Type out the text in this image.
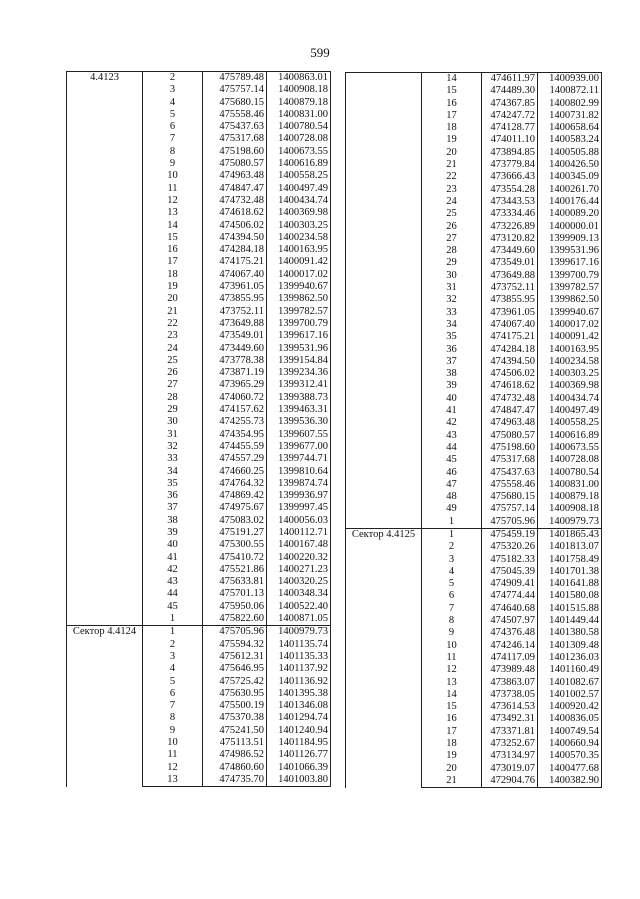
599
4.4123	2	475789.48	1400863.01
	3	475757.14	1400908.18
	4	475680.15	1400879.18
	5	475558.46	1400831.00
	6	475437.63	1400780.54
	7	475317.68	1400728.08
	8	475198.60	1400673.55
	9	475080.57	1400616.89
	10	474963.48	1400558.25
	11	474847.47	1400497.49
	12	474732.48	1400434.74
	13	474618.62	1400369.98
	14	474506.02	1400303.25
	15	474394.50	1400234.58
	16	474284.18	1400163.95
	17	474175.21	1400091.42
	18	474067.40	1400017.02
	19	473961.05	1399940.67
	20	473855.95	1399862.50
	21	473752.11	1399782.57
	22	473649.88	1399700.79
	23	473549.01	1399617.16
	24	473449.60	1399531.96
	25	473778.38	1399154.84
	26	473871.19	1399234.36
	27	473965.29	1399312.41
	28	474060.72	1399388.73
	29	474157.62	1399463.31
	30	474255.73	1399536.30
	31	474354.95	1399607.55
	32	474455.59	1399677.00
	33	474557.29	1399744.71
	34	474660.25	1399810.64
	35	474764.32	1399874.74
	36	474869.42	1399936.97
	37	474975.67	1399997.45
	38	475083.02	1400056.03
	39	475191.27	1400112.71
	40	475300.55	1400167.48
	41	475410.72	1400220.32
	42	475521.86	1400271.23
	43	475633.81	1400320.25
	44	475701.13	1400348.34
	45	475950.06	1400522.40
	1	475822.60	1400871.05
Сектор 4.4124	1	475705.96	1400979.73
	2	475594.32	1401135.74
	3	475612.31	1401135.33
	4	475646.95	1401137.92
	5	475725.42	1401136.92
	6	475630.95	1401395.38
	7	475500.19	1401346.08
	8	475370.38	1401294.74
	9	475241.50	1401240.94
	10	475113.51	1401184.95
	11	474986.52	1401126.77
	12	474860.60	1401066.39
	13	474735.70	1401003.80
	14	474611.97	1400939.00
	15	474489.30	1400872.11
	16	474367.85	1400802.99
	17	474247.72	1400731.82
	18	474128.77	1400658.64
	19	474011.10	1400583.24
	20	473894.85	1400505.88
	21	473779.84	1400426.50
	22	473666.43	1400345.09
	23	473554.28	1400261.70
	24	473443.53	1400176.44
	25	473334.46	1400089.20
	26	473226.89	1400000.01
	27	473120.82	1399909.13
	28	473449.60	1399531.96
	29	473549.01	1399617.16
	30	473649.88	1399700.79
	31	473752.11	1399782.57
	32	473855.95	1399862.50
	33	473961.05	1399940.67
	34	474067.40	1400017.02
	35	474175.21	1400091.42
	36	474284.18	1400163.95
	37	474394.50	1400234.58
	38	474506.02	1400303.25
	39	474618.62	1400369.98
	40	474732.48	1400434.74
	41	474847.47	1400497.49
	42	474963.48	1400558.25
	43	475080.57	1400616.89
	44	475198.60	1400673.55
	45	475317.68	1400728.08
	46	475437.63	1400780.54
	47	475558.46	1400831.00
	48	475680.15	1400879.18
	49	475757.14	1400908.18
	1	475705.96	1400979.73
Сектор 4.4125	1	475459.19	1401865.43
	2	475320.26	1401813.07
	3	475182.33	1401758.49
	4	475045.39	1401701.38
	5	474909.41	1401641.88
	6	474774.44	1401580.08
	7	474640.68	1401515.88
	8	474507.97	1401449.44
	9	474376.48	1401380.58
	10	474246.14	1401309.48
	11	474117.09	1401236.03
	12	473989.48	1401160.49
	13	473863.07	1401082.67
	14	473738.05	1401002.57
	15	473614.53	1400920.42
	16	473492.31	1400836.05
	17	473371.81	1400749.54
	18	473252.67	1400660.94
	19	473134.97	1400570.35
	20	473019.07	1400477.68
	21	472904.76	1400382.90
